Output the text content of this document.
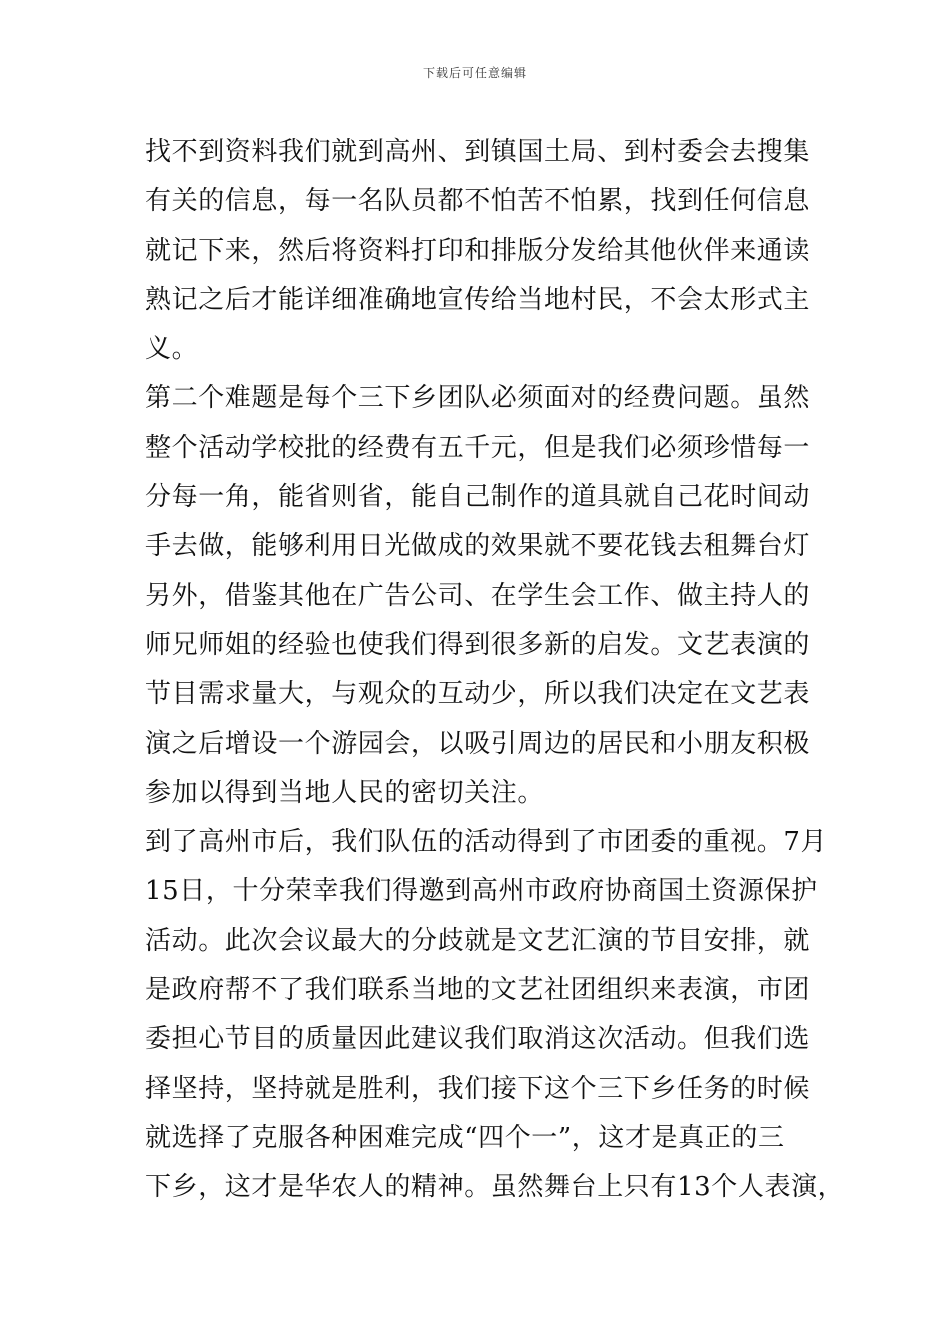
下载后可任意编辑
找不到资料我们就到高州、到镇国土局、到村委会去搜集
有关的信息，每一名队员都不怕苦不怕累，找到任何信息
就记下来，然后将资料打印和排版分发给其他伙伴来通读
熟记之后才能详细准确地宣传给当地村民，不会太形式主
义。
第二个难题是每个三下乡团队必须面对的经费问题。虽然
整个活动学校批的经费有五千元，但是我们必须珍惜每一
分每一角，能省则省，能自己制作的道具就自己花时间动
手去做，能够利用日光做成的效果就不要花钱去租舞台灯
另外，借鉴其他在广告公司、在学生会工作、做主持人的
师兄师姐的经验也使我们得到很多新的启发。文艺表演的
节目需求量大，与观众的互动少，所以我们决定在文艺表
演之后增设一个游园会，以吸引周边的居民和小朋友积极
参加以得到当地人民的密切关注。
到了高州市后，我们队伍的活动得到了市团委的重视。7月
15日，十分荣幸我们得邀到高州市政府协商国土资源保护
活动。此次会议最大的分歧就是文艺汇演的节目安排，就
是政府帮不了我们联系当地的文艺社团组织来表演，市团
委担心节目的质量因此建议我们取消这次活动。但我们选
择坚持，坚持就是胜利，我们接下这个三下乡任务的时候
就选择了克服各种困难完成“四个一”，这才是真正的三
下乡，这才是华农人的精神。虽然舞台上只有13个人表演，
